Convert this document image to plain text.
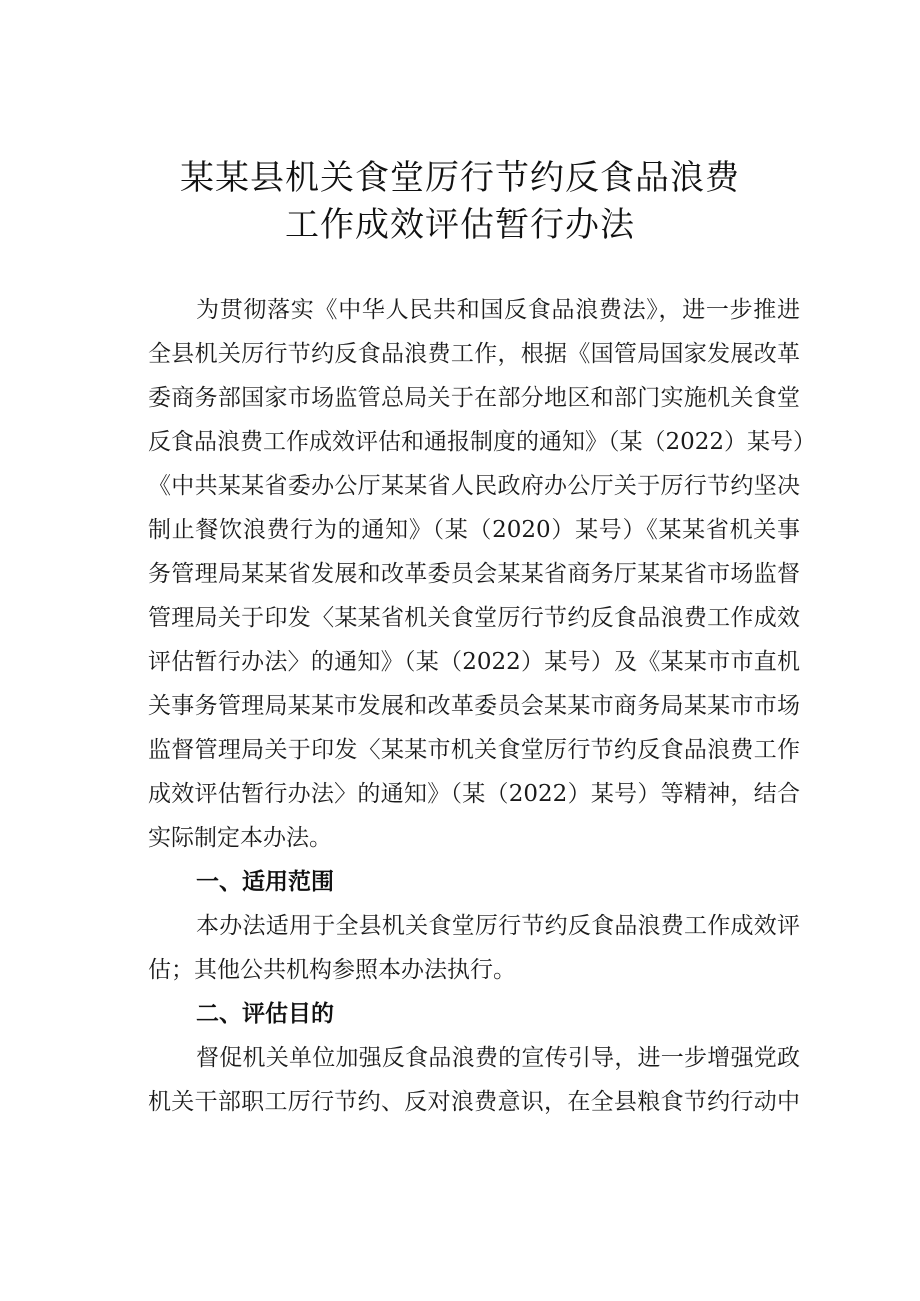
某某县机关食堂厉行节约反食品浪费
工作成效评估暂行办法
为贯彻落实《中华人民共和国反食品浪费法》，进一步推进
全县机关厉行节约反食品浪费工作，根据《国管局国家发展改革
委商务部国家市场监管总局关于在部分地区和部门实施机关食堂
反食品浪费工作成效评估和通报制度的通知》（某（2022）某号）
《中共某某省委办公厅某某省人民政府办公厅关于厉行节约坚决
制止餐饮浪费行为的通知》（某（2020）某号）《某某省机关事
务管理局某某省发展和改革委员会某某省商务厅某某省市场监督
管理局关于印发〈某某省机关食堂厉行节约反食品浪费工作成效
评估暂行办法〉的通知》（某（2022）某号）及《某某市市直机
关事务管理局某某市发展和改革委员会某某市商务局某某市市场
监督管理局关于印发〈某某市机关食堂厉行节约反食品浪费工作
成效评估暂行办法〉的通知》（某（2022）某号）等精神，结合
实际制定本办法。
一、适用范围
本办法适用于全县机关食堂厉行节约反食品浪费工作成效评
估；其他公共机构参照本办法执行。
二、评估目的
督促机关单位加强反食品浪费的宣传引导，进一步增强党政
机关干部职工厉行节约、反对浪费意识，在全县粮食节约行动中
